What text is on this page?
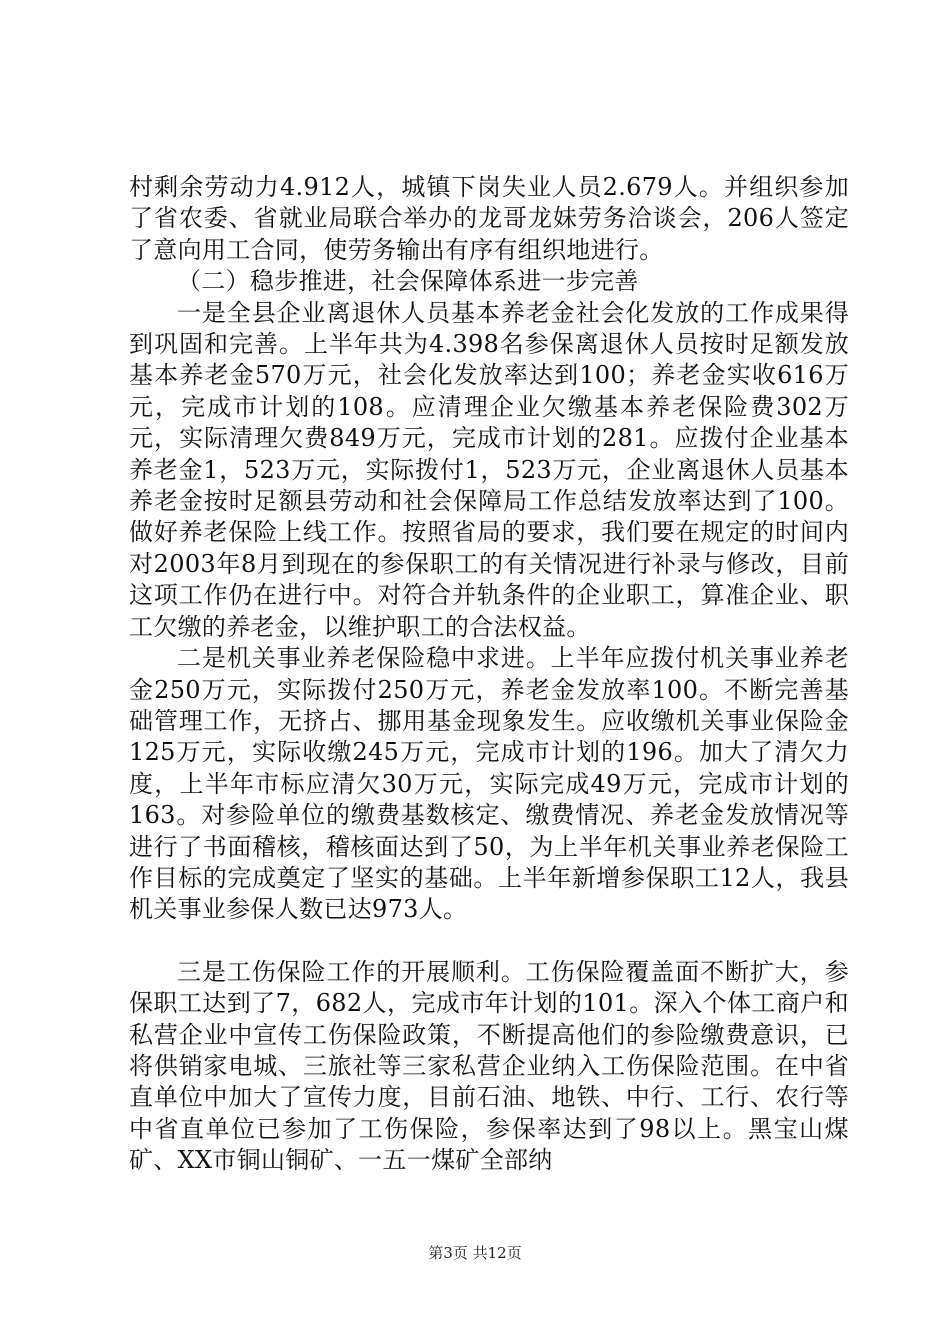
村剩余劳动力4.912人，城镇下岗失业人员2.679人。并组织参加了省农委、省就业局联合举办的龙哥龙妹劳务洽谈会，206人签定了意向用工合同，使劳务输出有序有组织地进行。

（二）稳步推进，社会保障体系进一步完善

一是全县企业离退休人员基本养老金社会化发放的工作成果得到巩固和完善。上半年共为4.398名参保离退休人员按时足额发放基本养老金570万元，社会化发放率达到100；养老金实收616万元，完成市计划的108。应清理企业欠缴基本养老保险费302万元，实际清理欠费849万元，完成市计划的281。应拨付企业基本养老金1，523万元，实际拨付1，523万元，企业离退休人员基本养老金按时足额县劳动和社会保障局工作总结发放率达到了100。做好养老保险上线工作。按照省局的要求，我们要在规定的时间内对2003年8月到现在的参保职工的有关情况进行补录与修改，目前这项工作仍在进行中。对符合并轨条件的企业职工，算准企业、职工欠缴的养老金，以维护职工的合法权益。

二是机关事业养老保险稳中求进。上半年应拨付机关事业养老金250万元，实际拨付250万元，养老金发放率100。不断完善基础管理工作，无挤占、挪用基金现象发生。应收缴机关事业保险金125万元，实际收缴245万元，完成市计划的196。加大了清欠力度，上半年市标应清欠30万元，实际完成49万元，完成市计划的163。对参险单位的缴费基数核定、缴费情况、养老金发放情况等进行了书面稽核，稽核面达到了50，为上半年机关事业养老保险工作目标的完成奠定了坚实的基础。上半年新增参保职工12人，我县机关事业参保人数已达973人。

三是工伤保险工作的开展顺利。工伤保险覆盖面不断扩大，参保职工达到了7，682人，完成市年计划的101。深入个体工商户和私营企业中宣传工伤保险政策，不断提高他们的参险缴费意识，已将供销家电城、三旅社等三家私营企业纳入工伤保险范围。在中省直单位中加大了宣传力度，目前石油、地铁、中行、工行、农行等中省直单位已参加了工伤保险，参保率达到了98以上。黑宝山煤矿、XX市铜山铜矿、一五一煤矿全部纳

第3页 共12页
